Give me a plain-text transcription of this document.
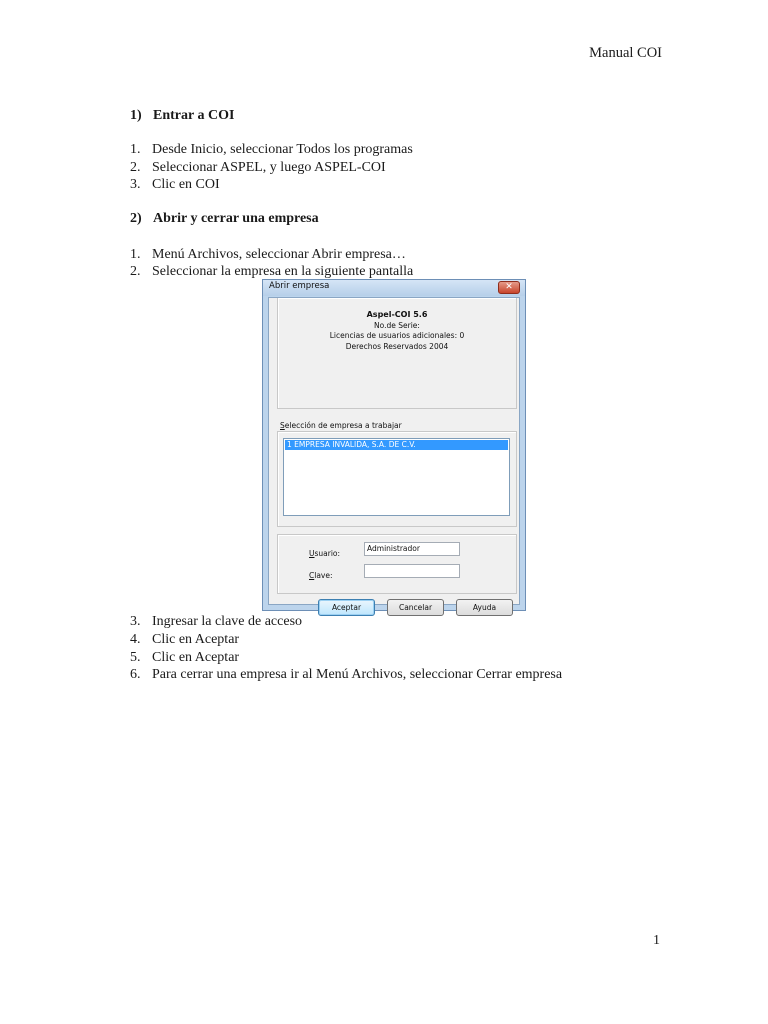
Manual COI
1) Entrar a COI
1. Desde Inicio, seleccionar Todos los programas
2. Seleccionar ASPEL, y luego ASPEL-COI
3. Clic en COI
2) Abrir y cerrar una empresa
1. Menú Archivos, seleccionar Abrir empresa…
2. Seleccionar la empresa en la siguiente pantalla
Abrir empresa	✕
Aspel-COI 5.6
No.de Serie:
Licencias de usuarios adicionales: 0
Derechos Reservados 2004
Selección de empresa a trabajar
1 EMPRESA INVALIDA, S.A. DE C.V.
Usuario:
Administrador
Clave:
Aceptar	Cancelar	Ayuda
3. Ingresar la clave de acceso
4. Clic en Aceptar
5. Clic en Aceptar
6. Para cerrar una empresa ir al Menú Archivos, seleccionar Cerrar empresa
1
